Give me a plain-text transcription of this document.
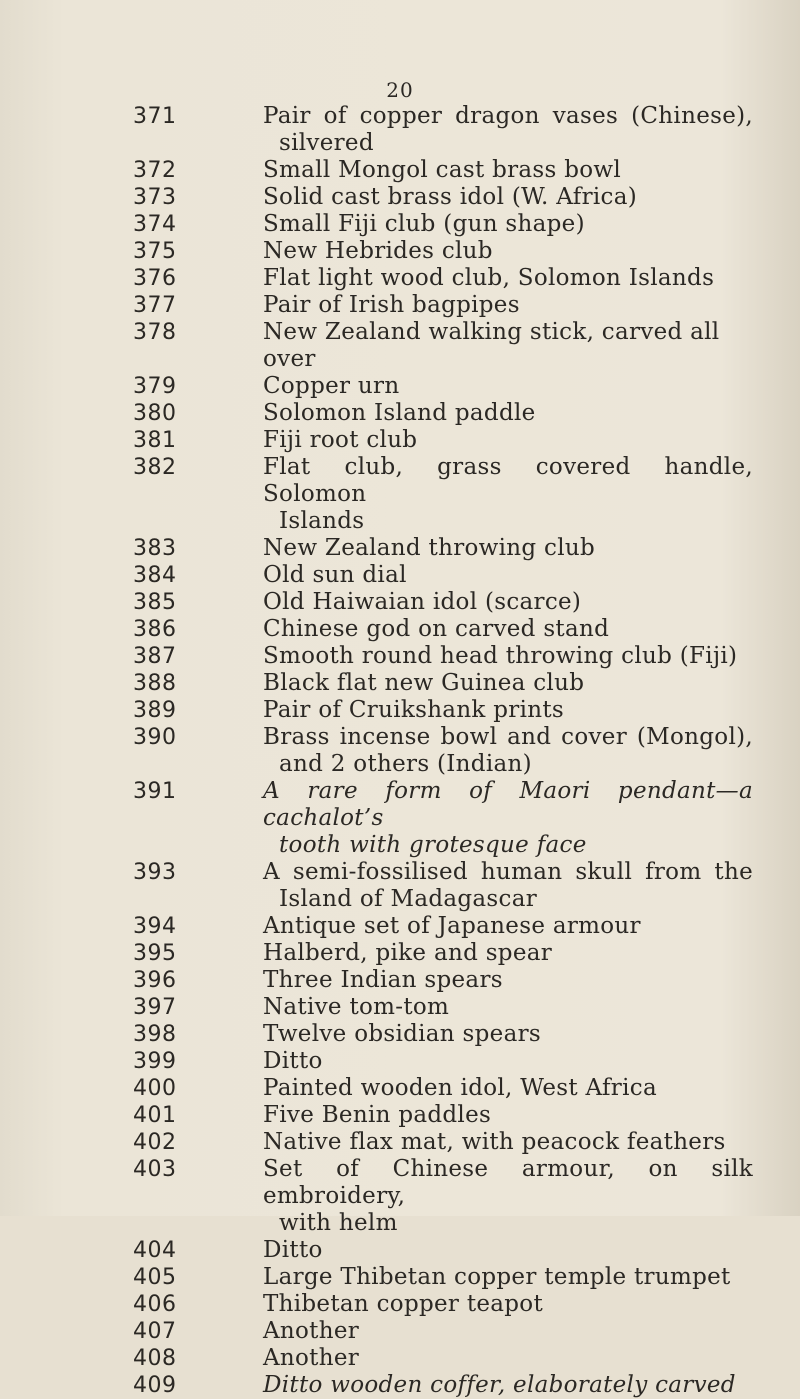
20
371	Pair of copper dragon vases (Chinese),
silvered
372	Small Mongol cast brass bowl
373	Solid cast brass idol (W. Africa)
374	Small Fiji club (gun shape)
375	New Hebrides club
376	Flat light wood club, Solomon Islands
377	Pair of Irish bagpipes
378	New Zealand walking stick, carved all over
379	Copper urn
380	Solomon Island paddle
381	Fiji root club
382	Flat club, grass covered handle, Solomon
Islands
383	New Zealand throwing club
384	Old sun dial
385	Old Haiwaian idol (scarce)
386	Chinese god on carved stand
387	Smooth round head throwing club (Fiji)
388	Black flat new Guinea club
389	Pair of Cruikshank prints
390	Brass incense bowl and cover (Mongol),
and 2 others (Indian)
391	A rare form of Maori pendant—a cachalot’s
tooth with grotesque face
393	A semi-fossilised human skull from the
Island of Madagascar
394	Antique set of Japanese armour
395	Halberd, pike and spear
396	Three Indian spears
397	Native tom-tom
398	Twelve obsidian spears
399	Ditto
400	Painted wooden idol, West Africa
401	Five Benin paddles
402	Native flax mat, with peacock feathers
403	Set of Chinese armour, on silk embroidery,
with helm
404	Ditto
405	Large Thibetan copper temple trumpet
406	Thibetan copper teapot
407	Another
408	Another
409	Ditto wooden coffer, elaborately carved
